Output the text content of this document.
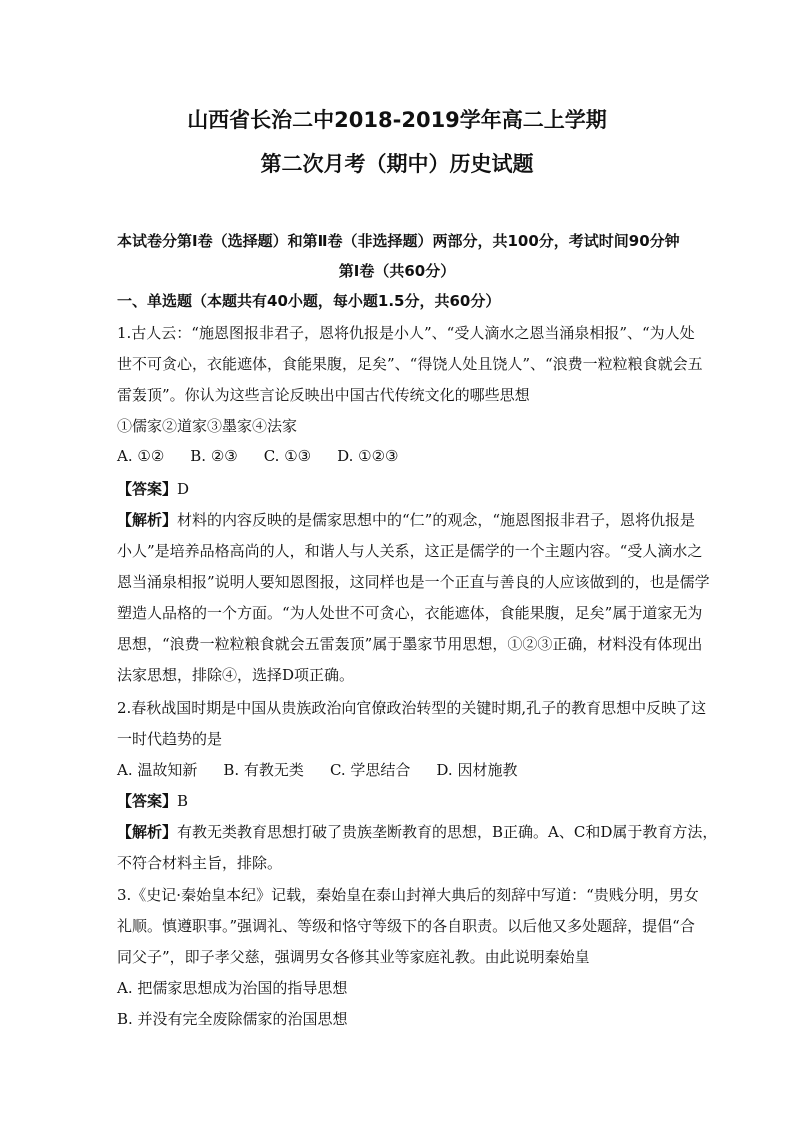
山西省长治二中2018-2019学年高二上学期
第二次月考（期中）历史试题
本试卷分第Ⅰ卷（选择题）和第Ⅱ卷（非选择题）两部分，共100分，考试时间90分钟
第Ⅰ卷（共60分）
一、单选题（本题共有40小题，每小题1.5分，共60分）
1.古人云：“施恩图报非君子，恩将仇报是小人”、“受人滴水之恩当涌泉相报”、“为人处
世不可贪心，衣能遮体，食能果腹，足矣”、“得饶人处且饶人”、“浪费一粒粒粮食就会五
雷轰顶”。你认为这些言论反映出中国古代传统文化的哪些思想
①儒家②道家③墨家④法家
A. ①② B. ②③ C. ①③ D. ①②③
【答案】D
【解析】材料的内容反映的是儒家思想中的“仁”的观念，“施恩图报非君子，恩将仇报是
小人”是培养品格高尚的人，和谐人与人关系，这正是儒学的一个主题内容。“受人滴水之
恩当涌泉相报”说明人要知恩图报，这同样也是一个正直与善良的人应该做到的，也是儒学
塑造人品格的一个方面。“为人处世不可贪心，衣能遮体，食能果腹，足矣”属于道家无为
思想，“浪费一粒粒粮食就会五雷轰顶”属于墨家节用思想，①②③正确，材料没有体现出
法家思想，排除④，选择D项正确。
2.春秋战国时期是中国从贵族政治向官僚政治转型的关键时期,孔子的教育思想中反映了这
一时代趋势的是
A. 温故知新 B. 有教无类 C. 学思结合 D. 因材施教
【答案】B
【解析】有教无类教育思想打破了贵族垄断教育的思想，B正确。A、C和D属于教育方法，
不符合材料主旨，排除。
3.《史记·秦始皇本纪》记载，秦始皇在泰山封禅大典后的刻辞中写道：“贵贱分明，男女
礼顺。慎遵职事。”强调礼、等级和恪守等级下的各自职责。以后他又多处题辞，提倡“合
同父子”，即子孝父慈，强调男女各修其业等家庭礼教。由此说明秦始皇
A. 把儒家思想成为治国的指导思想
B. 并没有完全废除儒家的治国思想
